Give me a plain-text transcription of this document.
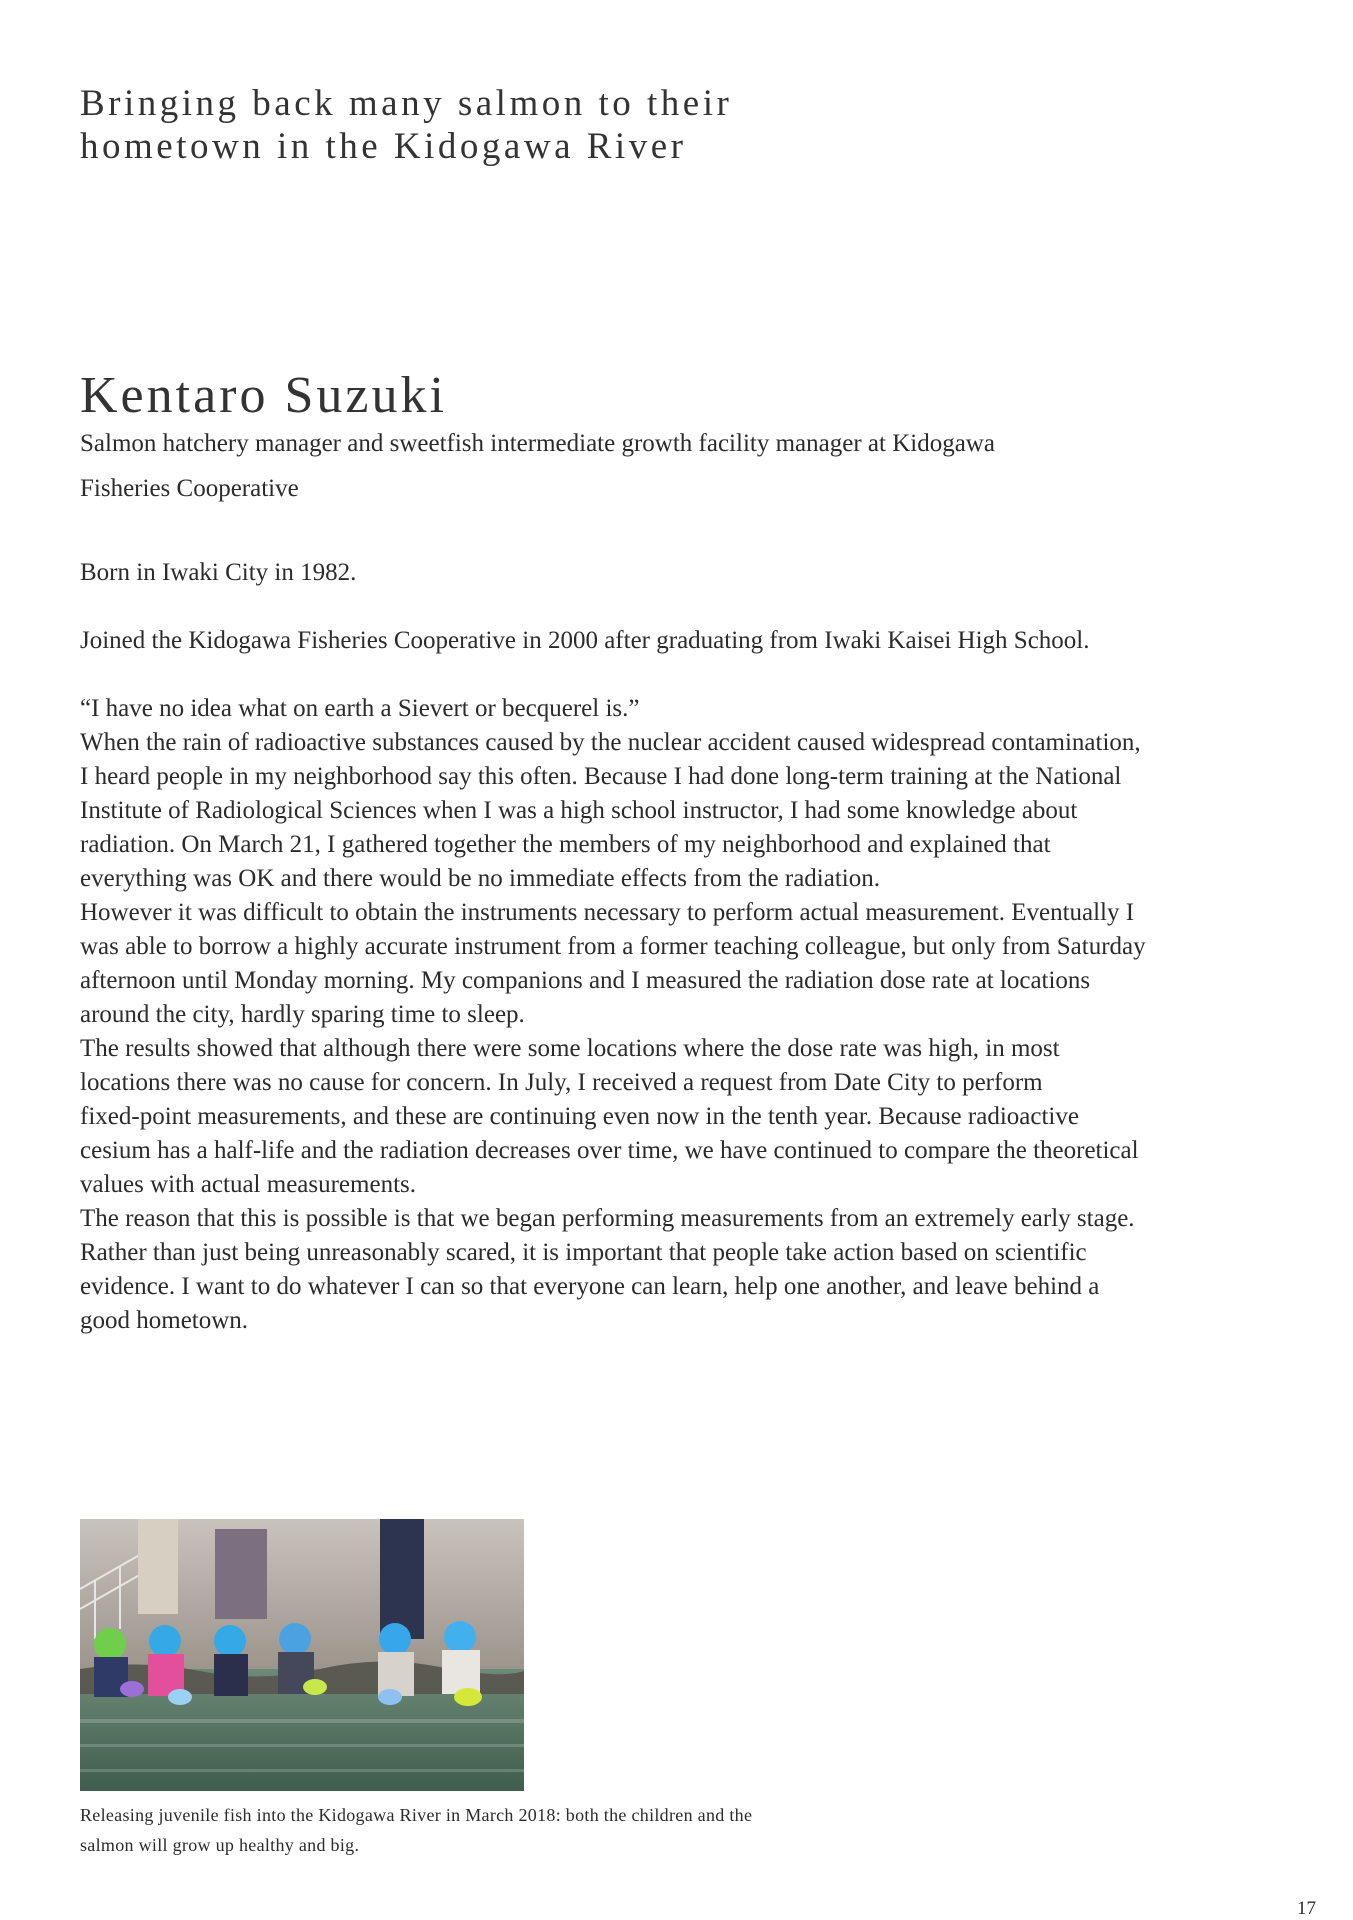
Bringing back many salmon to their
hometown in the Kidogawa River
Kentaro Suzuki

Salmon hatchery manager and sweetfish intermediate growth facility manager at Kidogawa
Fisheries Cooperative

Born in Iwaki City in 1982.

Joined the Kidogawa Fisheries Cooperative in 2000 after graduating from Iwaki Kaisei High School.

“I have no idea what on earth a Sievert or becquerel is.”

When the rain of radioactive substances caused by the nuclear accident caused widespread contamination,

I heard people in my neighborhood say this often. Because I had done long-term training at the National

Institute of Radiological Sciences when I was a high school instructor, I had some knowledge about

radiation. On March 21, I gathered together the members of my neighborhood and explained that

everything was OK and there would be no immediate effects from the radiation.

However it was difficult to obtain the instruments necessary to perform actual measurement. Eventually I

was able to borrow a highly accurate instrument from a former teaching colleague, but only from Saturday

afternoon until Monday morning. My companions and I measured the radiation dose rate at locations

around the city, hardly sparing time to sleep.

The results showed that although there were some locations where the dose rate was high, in most

locations there was no cause for concern. In July, I received a request from Date City to perform

fixed-point measurements, and these are continuing even now in the tenth year. Because radioactive

cesium has a half-life and the radiation decreases over time, we have continued to compare the theoretical

values with actual measurements.

The reason that this is possible is that we began performing measurements from an extremely early stage.

Rather than just being unreasonably scared, it is important that people take action based on scientific

evidence. I want to do whatever I can so that everyone can learn, help one another, and leave behind a

good hometown.

Releasing juvenile fish into the Kidogawa River in March 2018: both the children and the
salmon will grow up healthy and big.

17
